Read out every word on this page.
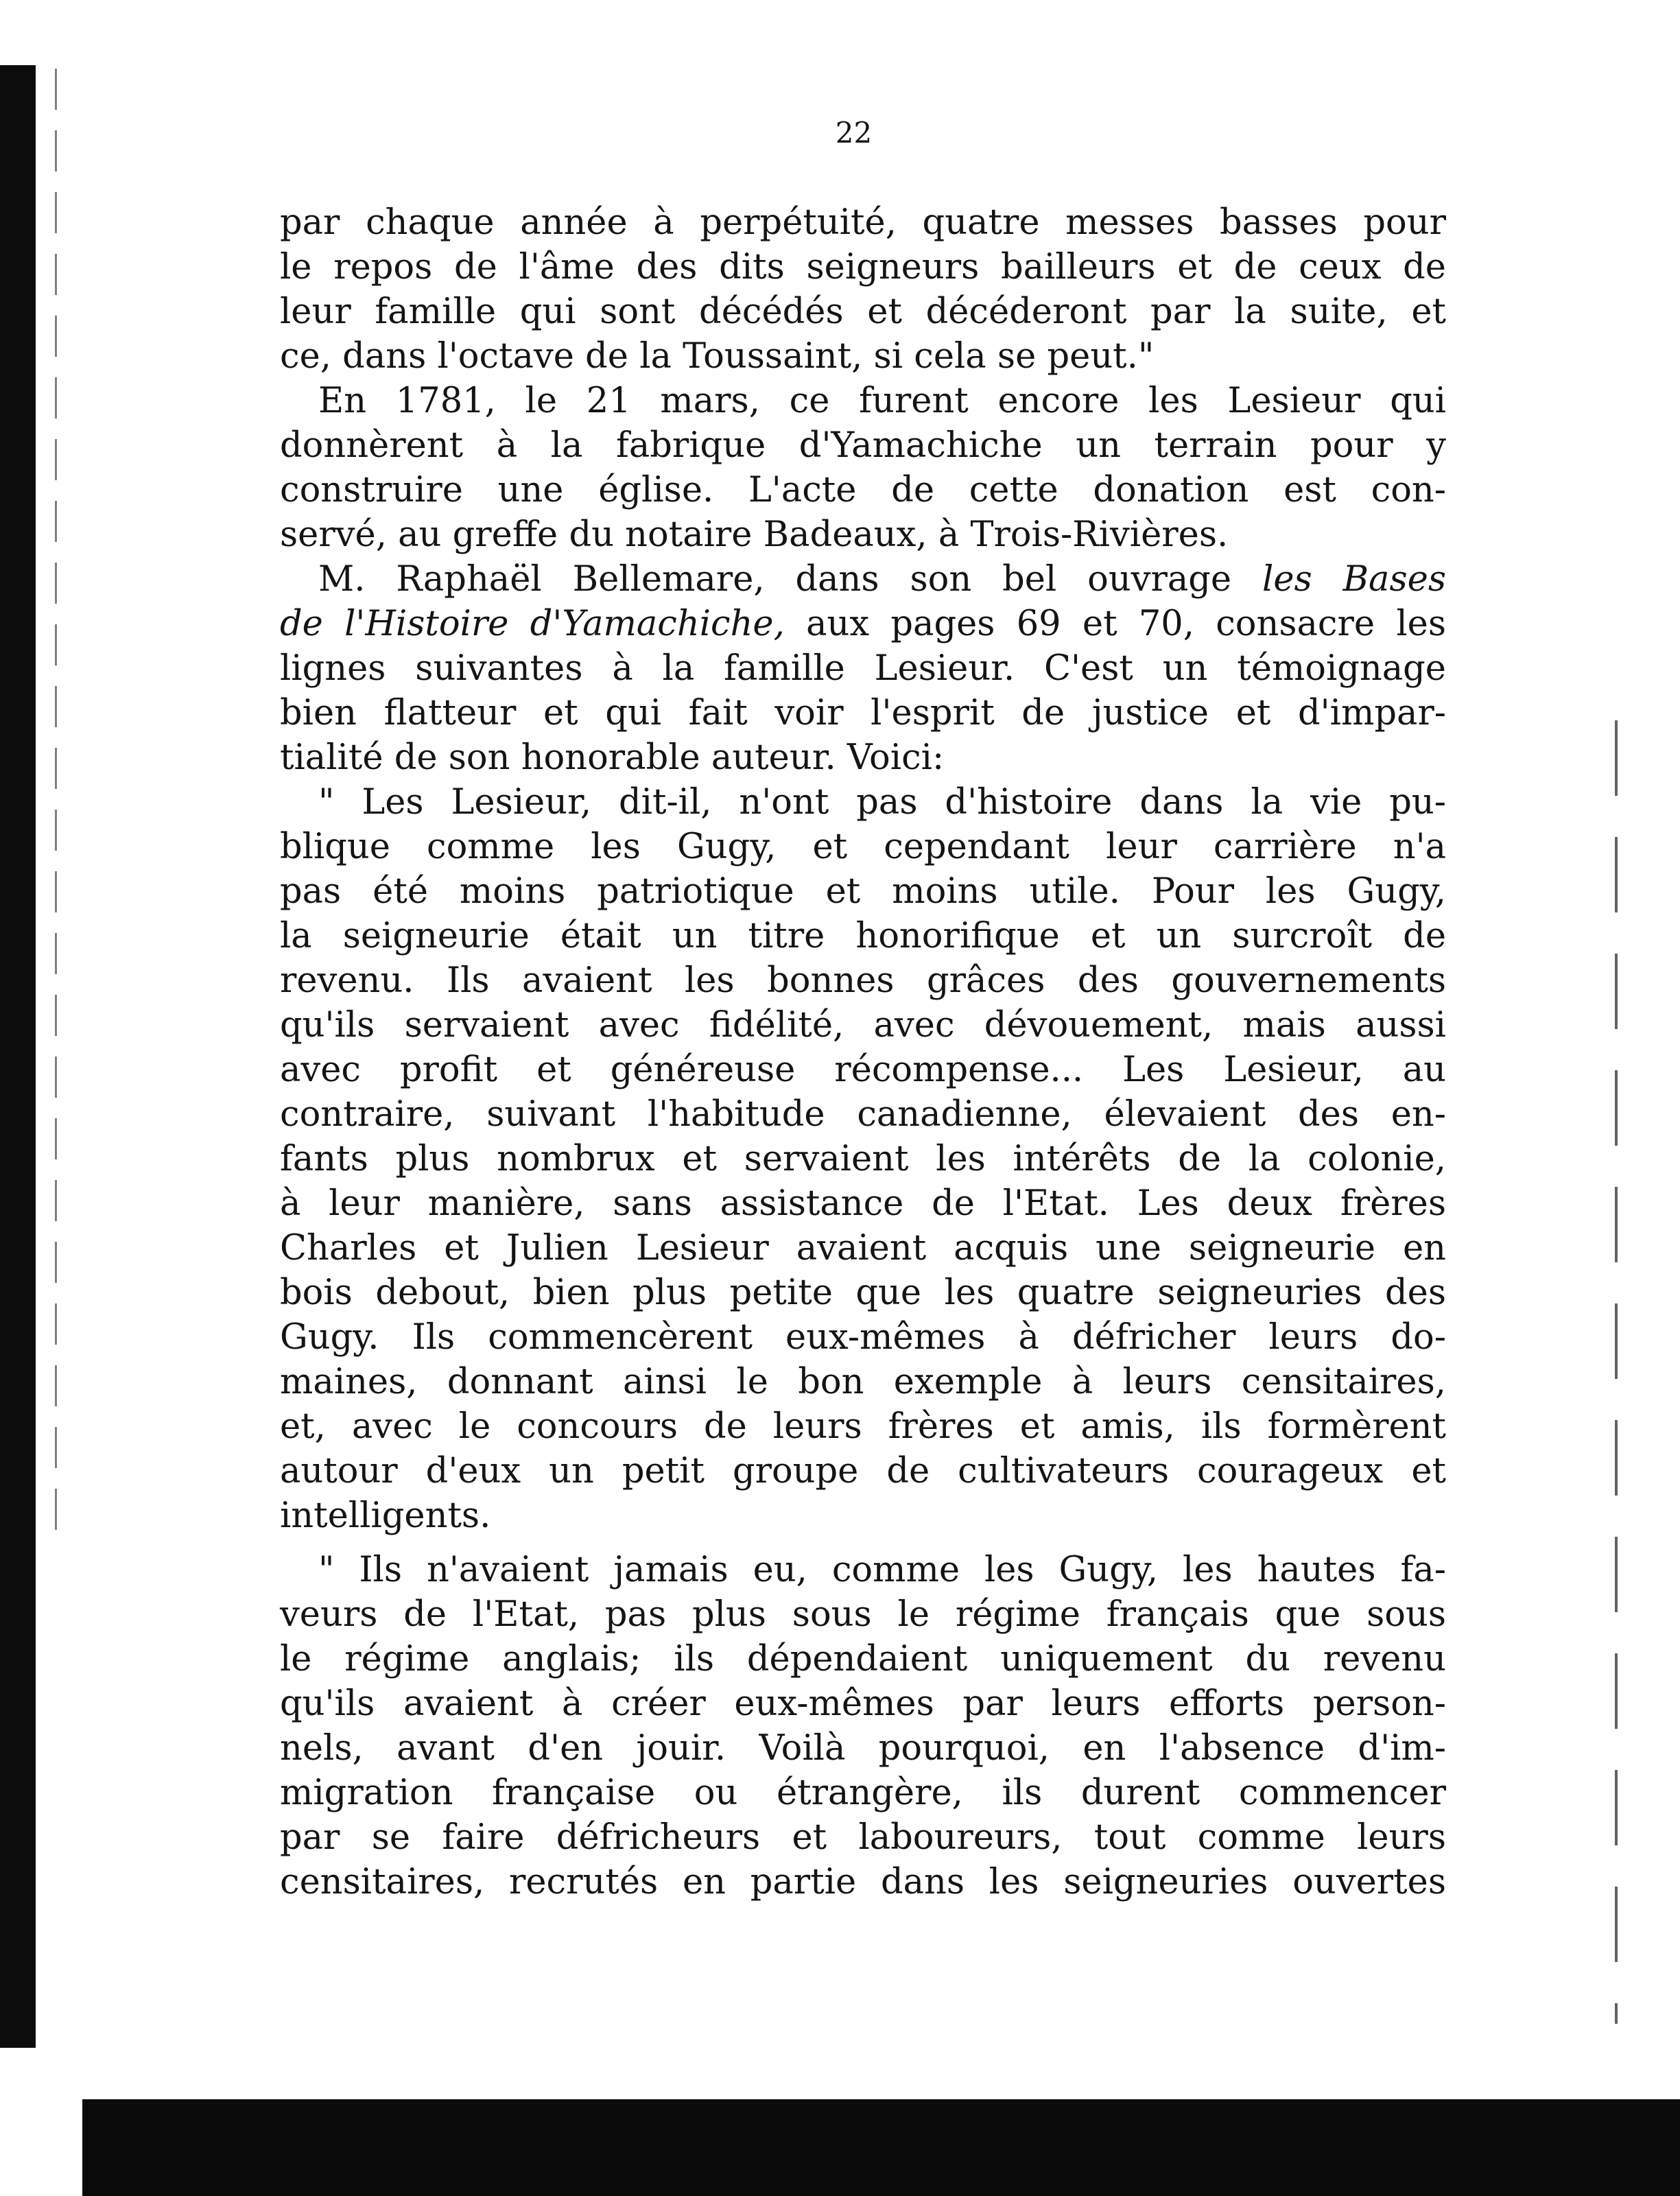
22
par chaque année à perpétuité, quatre messes basses pour
le repos de l'âme des dits seigneurs bailleurs et de ceux de
leur famille qui sont décédés et décéderont par la suite, et
ce, dans l'octave de la Toussaint, si cela se peut."
En 1781, le 21 mars, ce furent encore les Lesieur qui
donnèrent à la fabrique d'Yamachiche un terrain pour y
construire une église. L'acte de cette donation est con-
servé, au greffe du notaire Badeaux, à Trois-Rivières.
M. Raphaël Bellemare, dans son bel ouvrage les Bases
de l'Histoire d'Yamachiche, aux pages 69 et 70, consacre les
lignes suivantes à la famille Lesieur. C'est un témoignage
bien flatteur et qui fait voir l'esprit de justice et d'impar-
tialité de son honorable auteur. Voici:
" Les Lesieur, dit-il, n'ont pas d'histoire dans la vie pu-
blique comme les Gugy, et cependant leur carrière n'a
pas été moins patriotique et moins utile. Pour les Gugy,
la seigneurie était un titre honorifique et un surcroît de
revenu. Ils avaient les bonnes grâces des gouvernements
qu'ils servaient avec fidélité, avec dévouement, mais aussi
avec profit et généreuse récompense... Les Lesieur, au
contraire, suivant l'habitude canadienne, élevaient des en-
fants plus nombrux et servaient les intérêts de la colonie,
à leur manière, sans assistance de l'Etat. Les deux frères
Charles et Julien Lesieur avaient acquis une seigneurie en
bois debout, bien plus petite que les quatre seigneuries des
Gugy. Ils commencèrent eux-mêmes à défricher leurs do-
maines, donnant ainsi le bon exemple à leurs censitaires,
et, avec le concours de leurs frères et amis, ils formèrent
autour d'eux un petit groupe de cultivateurs courageux et
intelligents.
" Ils n'avaient jamais eu, comme les Gugy, les hautes fa-
veurs de l'Etat, pas plus sous le régime français que sous
le régime anglais; ils dépendaient uniquement du revenu
qu'ils avaient à créer eux-mêmes par leurs efforts person-
nels, avant d'en jouir. Voilà pourquoi, en l'absence d'im-
migration française ou étrangère, ils durent commencer
par se faire défricheurs et laboureurs, tout comme leurs
censitaires, recrutés en partie dans les seigneuries ouvertes
